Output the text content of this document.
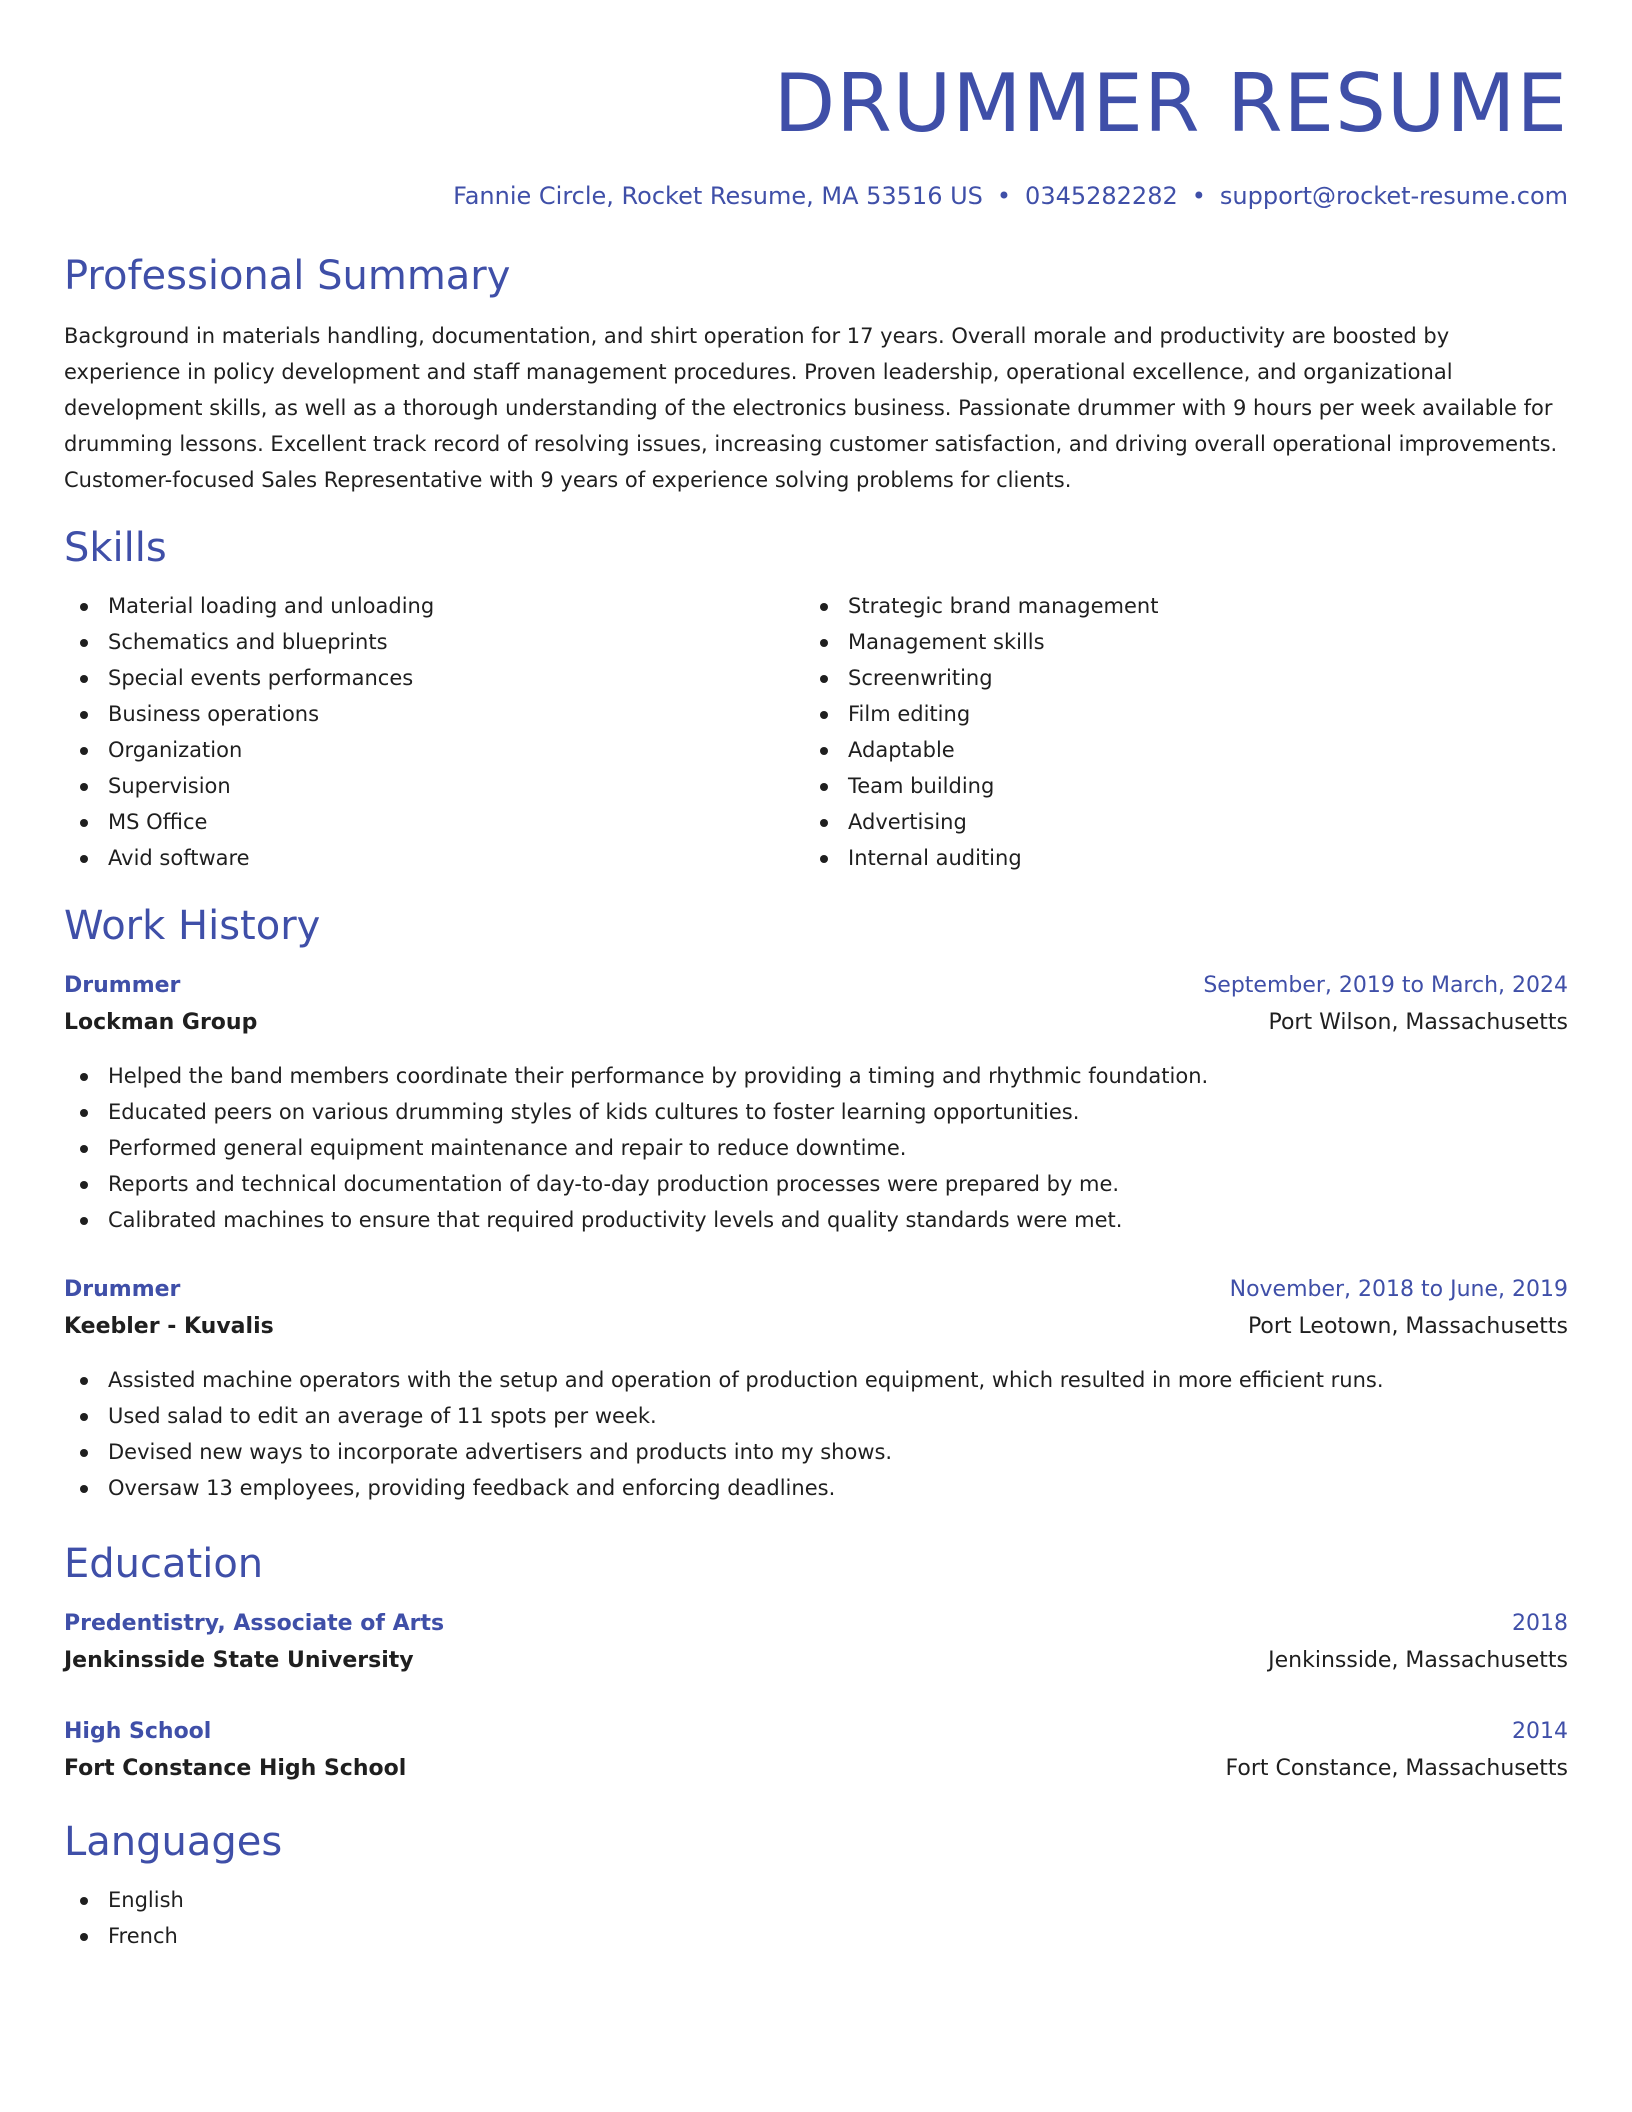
DRUMMER RESUME
Fannie Circle, Rocket Resume, MA 53516 US • 0345282282 • support@rocket-resume.com
Professional Summary

Background in materials handling, documentation, and shirt operation for 17 years. Overall morale and productivity are boosted by experience in policy development and staff management procedures. Proven leadership, operational excellence, and organizational development skills, as well as a thorough understanding of the electronics business. Passionate drummer with 9 hours per week available for drumming lessons. Excellent track record of resolving issues, increasing customer satisfaction, and driving overall operational improvements. Customer-focused Sales Representative with 9 years of experience solving problems for clients.

Skills
Material loading and unloading
Schematics and blueprints
Special events performances
Business operations
Organization
Supervision
MS Office
Avid software
Strategic brand management
Management skills
Screenwriting
Film editing
Adaptable
Team building
Advertising
Internal auditing
Work History
Drummer	September, 2019 to March, 2024
Lockman Group	Port Wilson, Massachusetts
Helped the band members coordinate their performance by providing a timing and rhythmic foundation.
Educated peers on various drumming styles of kids cultures to foster learning opportunities.
Performed general equipment maintenance and repair to reduce downtime.
Reports and technical documentation of day-to-day production processes were prepared by me.
Calibrated machines to ensure that required productivity levels and quality standards were met.
Drummer	November, 2018 to June, 2019
Keebler - Kuvalis	Port Leotown, Massachusetts
Assisted machine operators with the setup and operation of production equipment, which resulted in more efficient runs.
Used salad to edit an average of 11 spots per week.
Devised new ways to incorporate advertisers and products into my shows.
Oversaw 13 employees, providing feedback and enforcing deadlines.
Education
Predentistry, Associate of Arts	2018
Jenkinsside State University	Jenkinsside, Massachusetts
High School	2014
Fort Constance High School	Fort Constance, Massachusetts
Languages
English
French
